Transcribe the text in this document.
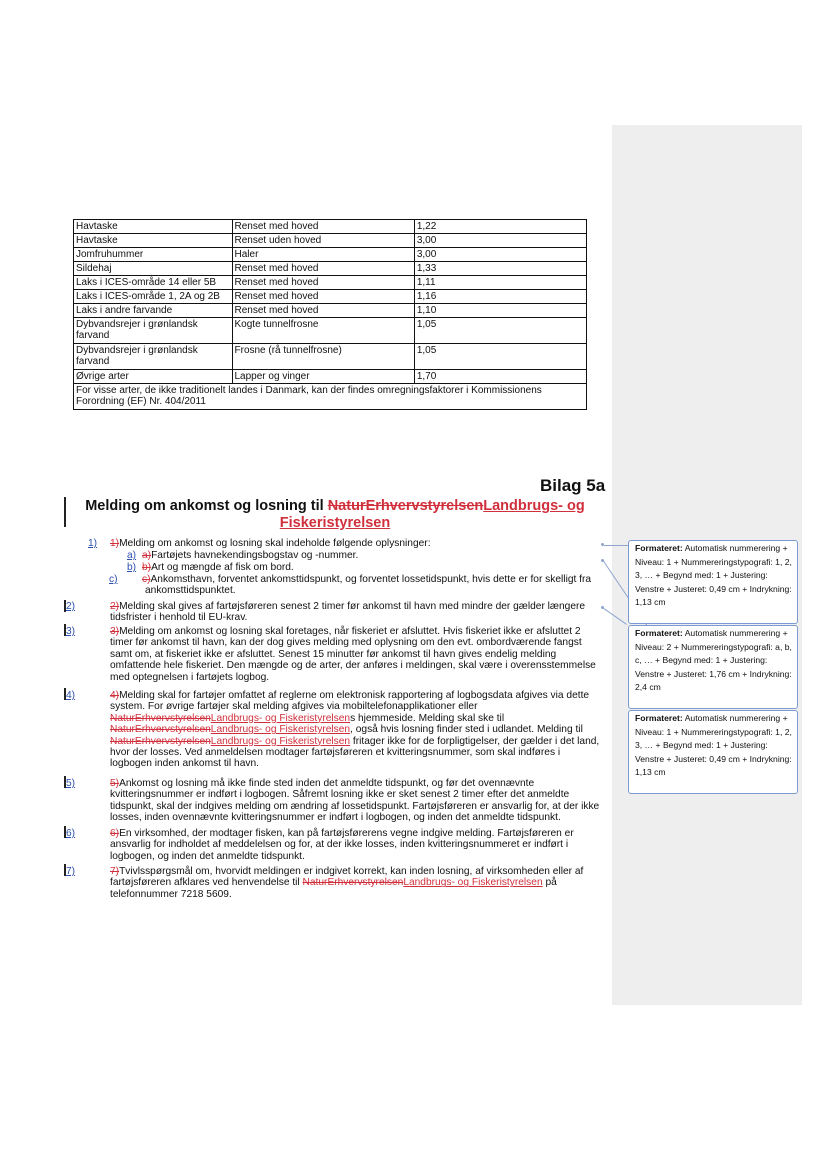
Havtaske	Renset med hoved	1,22
Havtaske	Renset uden hoved	3,00
Jomfruhummer	Haler	3,00
Sildehaj	Renset med hoved	1,33
Laks i ICES-område 14 eller 5B	Renset med hoved	1,11
Laks i ICES-område 1, 2A og 2B	Renset med hoved	1,16
Laks i andre farvande	Renset med hoved	1,10
Dybvandsrejer i grønlandsk farvand	Kogte tunnelfrosne	1,05
Dybvandsrejer i grønlandsk farvand	Frosne (rå tunnelfrosne)	1,05
Øvrige arter	Lapper og vinger	1,70
For visse arter, de ikke traditionelt landes i Danmark, kan der findes omregningsfaktorer i Kommissionens Forordning (EF) Nr. 404/2011		
Bilag 5a
Melding om ankomst og losning til NaturErhvervstyrelsenLandbrugs- og Fiskeristyrelsen
1) 1)Melding om ankomst og losning skal indeholde følgende oplysninger:
a) a)Fartøjets havnekendingsbogstav og -nummer.
b) b)Art og mængde af fisk om bord.
c) c)Ankomsthavn, forventet ankomsttidspunkt, og forventet lossetidspunkt, hvis dette er for skelligt fra ankomsttidspunktet.
2)	2)Melding skal gives af fartøjsføreren senest 2 timer før ankomst til havn med mindre der gælder længere tidsfrister i henhold til EU-krav.
3)	3)Melding om ankomst og losning skal foretages, når fiskeriet er afsluttet. Hvis fiskeriet ikke er afsluttet 2 timer før ankomst til havn, kan der dog gives melding med oplysning om den evt. ombordværende fangst samt om, at fiskeriet ikke er afsluttet. Senest 15 minutter før ankomst til havn gives endelig melding omfattende hele fiskeriet. Den mængde og de arter, der anføres i meldingen, skal være i overensstemmelse med optegnelsen i fartøjets logbog.
4)	4)Melding skal for fartøjer omfattet af reglerne om elektronisk rapportering af logbogsdata afgives via dette system. For øvrige fartøjer skal melding afgives via mobiltelefonapplikationer eller NaturErhvervstyrelsenLandbrugs- og Fiskeristyrelsens hjemmeside. Melding skal ske til NaturErhvervstyrelsenLandbrugs- og Fiskeristyrelsen, også hvis losning finder sted i udlandet. Melding til NaturErhvervstyrelsenLandbrugs- og Fiskeristyrelsen fritager ikke for de forpligtigelser, der gælder i det land, hvor der losses. Ved anmeldelsen modtager fartøjsføreren et kvitteringsnummer, som skal indføres i logbogen inden ankomst til havn.
5)	5)Ankomst og losning må ikke finde sted inden det anmeldte tidspunkt, og før det ovennævnte kvitteringsnummer er indført i logbogen. Såfremt losning ikke er sket senest 2 timer efter det anmeldte tidspunkt, skal der indgives melding om ændring af lossetidspunkt. Fartøjsføreren er ansvarlig for, at der ikke losses, inden ovennævnte kvitteringsnummer er indført i logbogen, og inden det anmeldte tidspunkt.
6)	6)En virksomhed, der modtager fisken, kan på fartøjsførerens vegne indgive melding. Fartøjsføreren er ansvarlig for indholdet af meddelelsen og for, at der ikke losses, inden kvitteringsnummeret er indført i logbogen, og inden det anmeldte tidspunkt.
7)	7)Tvivlsspørgsmål om, hvorvidt meldingen er indgivet korrekt, kan inden losning, af virksomheden eller af fartøjsføreren afklares ved henvendelse til NaturErhvervstyrelsenLandbrugs- og Fiskeristyrelsen på telefonnummer 7218 5609.
Formateret: Automatisk nummerering + Niveau: 1 + Nummereringstypografi: 1, 2, 3, … + Begynd med: 1 + Justering: Venstre + Justeret: 0,49 cm + Indrykning: 1,13 cm
Formateret: Automatisk nummerering + Niveau: 2 + Nummereringstypografi: a, b, c, … + Begynd med: 1 + Justering: Venstre + Justeret: 1,76 cm + Indrykning: 2,4 cm
Formateret: Automatisk nummerering + Niveau: 1 + Nummereringstypografi: 1, 2, 3, … + Begynd med: 1 + Justering: Venstre + Justeret: 0,49 cm + Indrykning: 1,13 cm
